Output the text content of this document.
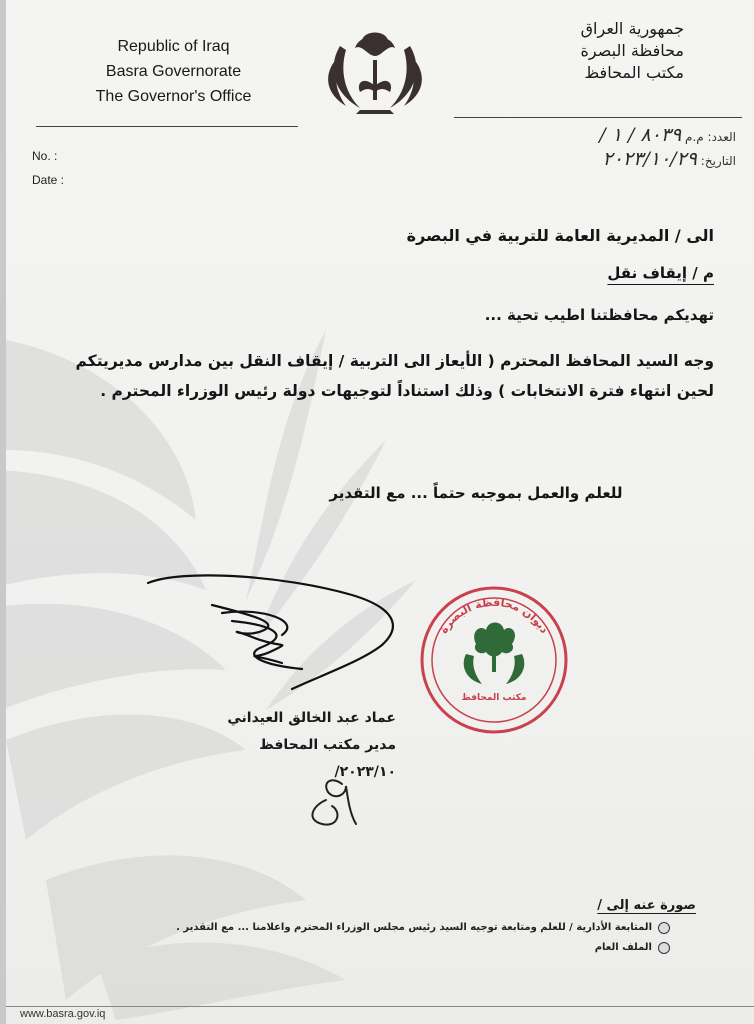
Republic of Iraq
Basra Governorate
The Governor's Office
جمهورية العراق
محافظة البصرة
مكتب المحافظ
No. :
Date :
العدد: م.م ٨٠٣٩ / ١ /
التاريخ: ٢٠٢٣/١٠/٢٩
الى / المديرية العامة للتربية في البصرة
م / إيقاف نقل
تهديكم محافظتنا اطيب تحية ...
وجه السيد المحافظ المحترم ( الأيعاز الى التربية / إيقاف النقل بين مدارس مديريتكم لحين انتهاء فترة الانتخابات ) وذلك استناداً لتوجيهات دولة رئيس الوزراء المحترم .
للعلم والعمل بموجبه حتماً ... مع التقدير
عماد عبد الخالق العيداني
مدير مكتب المحافظ
٢٠٢٣/١٠/
ديوان محافظة البصرة
مكتب المحافظ
صورة عنه إلى /
المتابعة الأدارية / للعلم ومتابعة توجيه السيد رئيس مجلس الوزراء المحترم واعلامنا ... مع التقدير .
الملف العام
www.basra.gov.iq
